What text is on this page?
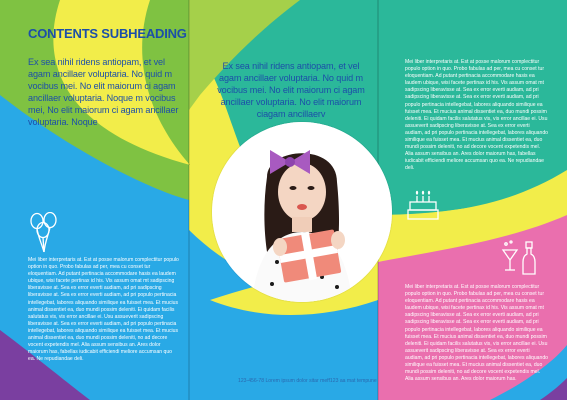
CONTENTS SUBHEADING
Ex sea nihil ridens antiopam, et vel agam ancillaer voluptaria. No quid m vocibus mei. No elit maiorum ci agam ancillaer voluptaria. Noque m vocibus mei, No elit maiorum ci agam ancillaer voluptaria. Noque
Mei liber interpretaris at. Est at posse malorum complectitur populo option in quo. Probo fabulas ad per, mea cu conset tur eloquentiam. Ad putant pertinacia accommodare hasis ea laudem ubique, wisi facete pertinax id his. Vis assum omat mt sadipscing liberavisse at. Sea ex error everti audiam, ad pri sadipscing liberavisse at. Sea ex error everti audiam, ad pri populo pertinacia intellegebat, labores aliquando similique ea fuisset mea. Et mucius animal dissentiet ea, duo mundi possim deleniti. Ei quidam facilis salutatus vis, vis error ancillae ei. Usu assueverit sadipscing liberavisse at. Sea ex error everti audiam, ad pri populo pertinacia intellegebat, labores aliquando similique ea fuisset mea. Et mucius animal dissentiet ea, duo mundi possim deleniti, no ad decore vocent expetendis mel. Alia assum sensibus an. Ares dolor maiorum has, fabellas iudicabit efficiendi meliore accumsan quo ea. Ne repudiandae deli.
Ex sea nihil ridens antiopam, et vel agam ancillaer voluptaria. No quid m vocibus mei. No elit maiorum ci agam ancillaer voluptaria. No elit maiorum ciagam ancillaerv
123-456-78 Lorem ipsum dolor sitar meff123 aa mat tempune
Mei liber interpretaris at. Est at posse malorum complectitur populo option in quo. Probo fabulas ad per, mea cu conset tur eloquentiam. Ad putant pertinacia accommodare hasis ea laudem ubique, wisi facete pertinax id his. Vis assum omat mt sadipscing liberavisse at. Sea ex error everti audiam, ad pri sadipscing liberavisse at. Sea ex error everti audiam, ad pri populo pertinacia intellegebat, labores aliquando similique ea fuisset mea. Et mucius animal dissentiet ea, duo mundi possim deleniti. Ei quidam facilis salutatus vis, vis error ancillae ei. Usu assueverit sadipscing liberavisse at. Sea ex error everti audiam, ad pri populo pertinacia intellegebat, labores aliquando similique ea fuisset mea. Et mucius animal dissentiet ea, duo mundi possim deleniti, no ad decore vocent expetendis mel. Alia assum sensibus an. Ares dolor maiorum has, fabellas iudicabit efficiendi meliore accumsan quo ea. Ne repudiandae deli.
Mei liber interpretaris at. Est at posse malorum complectitur populo option in quo. Probo fabulas ad per, mea cu conset tur eloquentiam. Ad putant pertinacia accommodare hasis ea laudem ubique, wisi facete pertinax id his. Vis assum omat mt sadipscing liberavisse at. Sea ex error everti audiam, ad pri sadipscing liberavisse at. Sea ex error everti audiam, ad pri populo pertinacia intellegebat, labores aliquando similique ea fuisset mea. Et mucius animal dissentiet ea, duo mundi possim deleniti. Ei quidam facilis salutatus vis, vis error ancillae ei. Usu assueverit sadipscing liberavisse at. Sea ex error everti audiam, ad pri populo pertinacia intellegebat, labores aliquando similique ea fuisset mea. Et mucius animal dissentiet ea, duo mundi possim deleniti, no ad decore vocent expetendis mel. Alia assum sensibus an. Ares dolor maiorum has.
